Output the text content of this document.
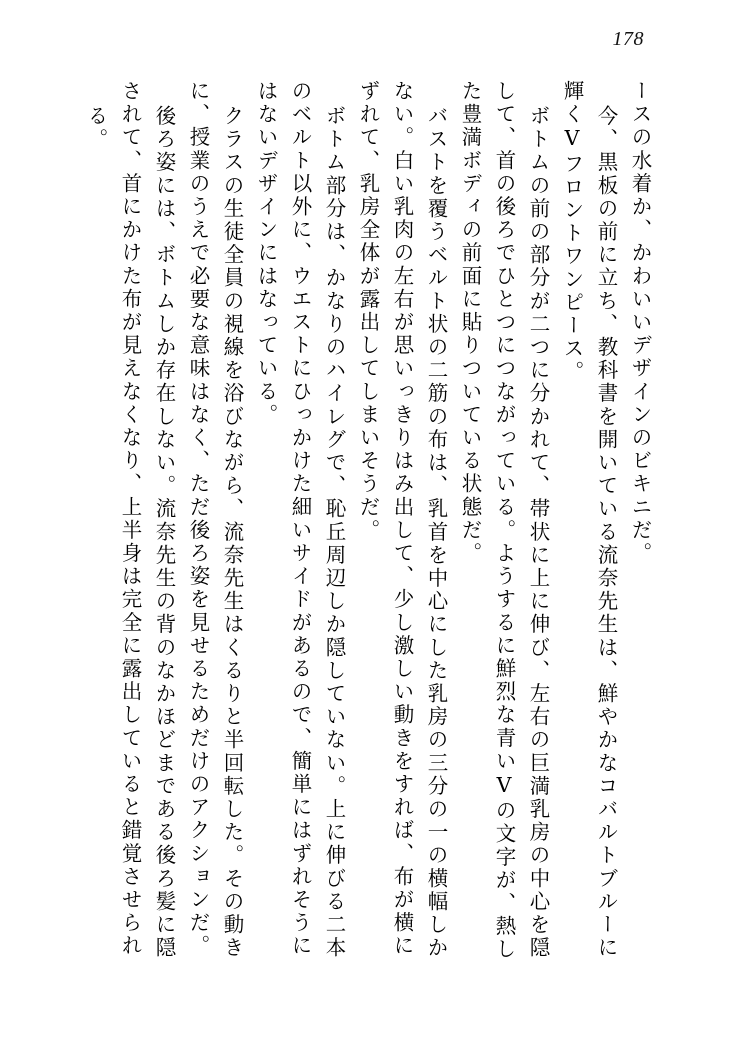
178
ースの水着か、かわいいデザインのビキニだ。
今、黒板の前に立ち、教科書を開いている流奈先生は、鮮やかなコバルトブルーに
輝くVフロントワンピース。
ボトムの前の部分が二つに分かれて、帯状に上に伸び、左右の巨満乳房の中心を隠
して、首の後ろでひとつにつながっている。ようするに鮮烈な青いVの文字が、熱し
た豊満ボディの前面に貼りついている状態だ。
バストを覆うベルト状の二筋の布は、乳首を中心にした乳房の三分の一の横幅しか
ない。白い乳肉の左右が思いっきりはみ出して、少し激しい動きをすれば、布が横に
ずれて、乳房全体が露出してしまいそうだ。
ボトム部分は、かなりのハイレグで、恥丘周辺しか隠していない。上に伸びる二本
のベルト以外に、ウエストにひっかけた細いサイドがあるので、簡単にはずれそうに
はないデザインにはなっている。
クラスの生徒全員の視線を浴びながら、流奈先生はくるりと半回転した。その動き
に、授業のうえで必要な意味はなく、ただ後ろ姿を見せるためだけのアクションだ。
後ろ姿には、ボトムしか存在しない。流奈先生の背のなかほどまである後ろ髪に隠
されて、首にかけた布が見えなくなり、上半身は完全に露出していると錯覚させられ
る。
